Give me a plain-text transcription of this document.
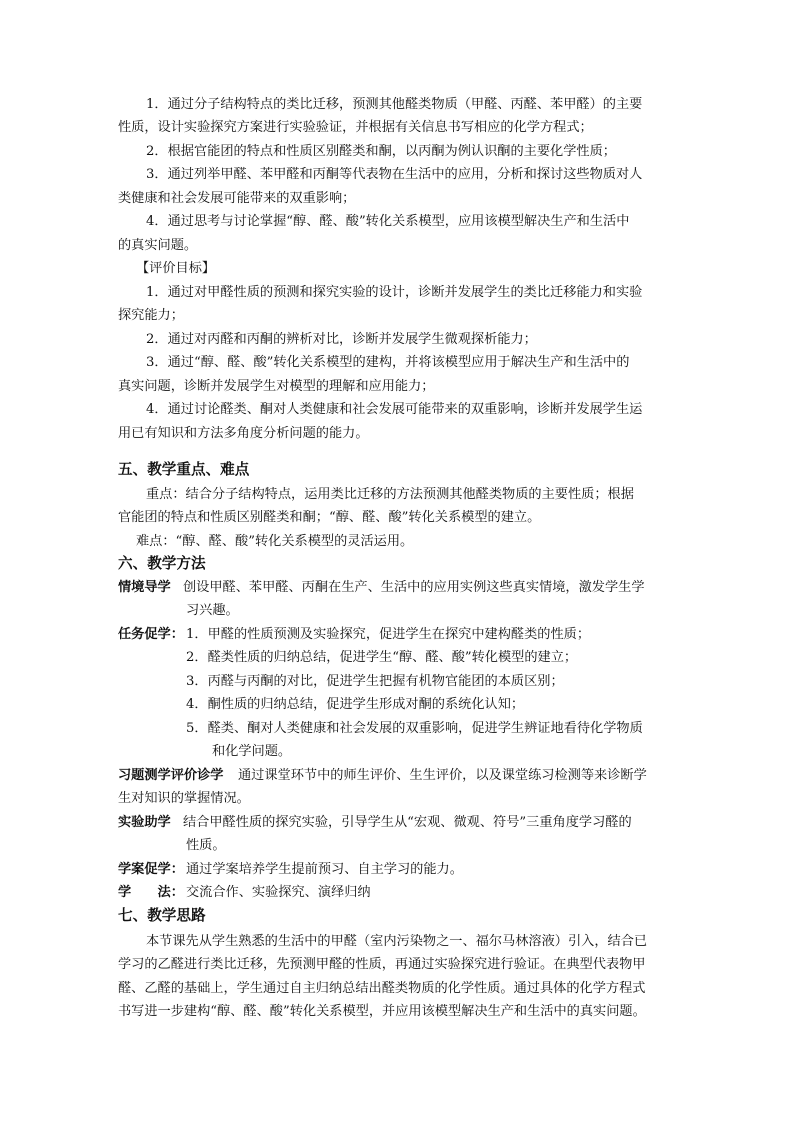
1．通过分子结构特点的类比迁移，预测其他醛类物质（甲醛、丙醛、苯甲醛）的主要
性质，设计实验探究方案进行实验验证，并根据有关信息书写相应的化学方程式；
2．根据官能团的特点和性质区别醛类和酮，以丙酮为例认识酮的主要化学性质；
3．通过列举甲醛、苯甲醛和丙酮等代表物在生活中的应用，分析和探讨这些物质对人
类健康和社会发展可能带来的双重影响；
4．通过思考与讨论掌握“醇、醛、酸”转化关系模型，应用该模型解决生产和生活中
的真实问题。
【评价目标】
1．通过对甲醛性质的预测和探究实验的设计，诊断并发展学生的类比迁移能力和实验
探究能力；
2．通过对丙醛和丙酮的辨析对比，诊断并发展学生微观探析能力；
3．通过“醇、醛、酸”转化关系模型的建构，并将该模型应用于解决生产和生活中的
真实问题，诊断并发展学生对模型的理解和应用能力；
4．通过讨论醛类、酮对人类健康和社会发展可能带来的双重影响，诊断并发展学生运
用已有知识和方法多角度分析问题的能力。
五、教学重点、难点
重点：结合分子结构特点，运用类比迁移的方法预测其他醛类物质的主要性质；根据
官能团的特点和性质区别醛类和酮；“醇、醛、酸”转化关系模型的建立。
难点：“醇、醛、酸”转化关系模型的灵活运用。
六、教学方法
情境导学 创设甲醛、苯甲醛、丙酮在生产、生活中的应用实例这些真实情境，激发学生学
习兴趣。
任务促学： 1．甲醛的性质预测及实验探究，促进学生在探究中建构醛类的性质；
2．醛类性质的归纳总结，促进学生“醇、醛、酸”转化模型的建立；
3．丙醛与丙酮的对比，促进学生把握有机物官能团的本质区别；
4．酮性质的归纳总结，促进学生形成对酮的系统化认知；
5．醛类、酮对人类健康和社会发展的双重影响，促进学生辨证地看待化学物质
和化学问题。
习题测学评价诊学 通过课堂环节中的师生评价、生生评价，以及课堂练习检测等来诊断学
生对知识的掌握情况。
实验助学 结合甲醛性质的探究实验，引导学生从“宏观、微观、符号”三重角度学习醛的
性质。
学案促学： 通过学案培养学生提前预习、自主学习的能力。
学　　法： 交流合作、实验探究、演绎归纳
七、教学思路
本节课先从学生熟悉的生活中的甲醛（室内污染物之一、福尔马林溶液）引入，结合已
学习的乙醛进行类比迁移，先预测甲醛的性质，再通过实验探究进行验证。在典型代表物甲
醛、乙醛的基础上，学生通过自主归纳总结出醛类物质的化学性质。通过具体的化学方程式
书写进一步建构“醇、醛、酸”转化关系模型，并应用该模型解决生产和生活中的真实问题。
